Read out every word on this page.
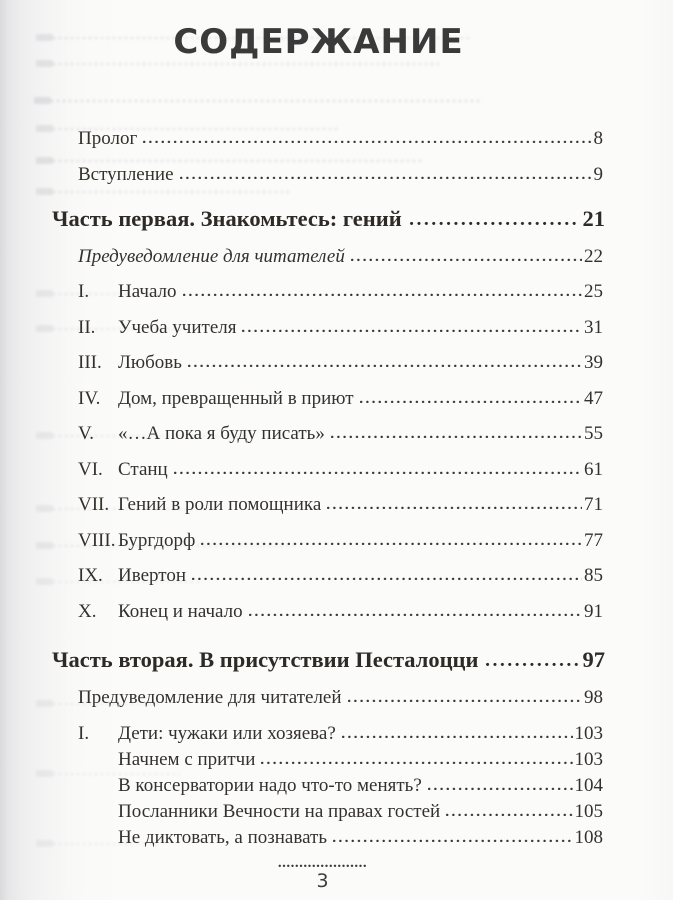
СОДЕРЖАНИЕ
Пролог	8
Вступление	9
Часть первая. Знакомьтесь: гений	21
Предуведомление для читателей	22
I.	Начало	25
II.	Учеба учителя	31
III. Любовь	39
IV. Дом, превращенный в приют	47
V.	«…А пока я буду писать»	55
VI. Станц	61
VII. Гений в роли помощника	71
VIII. Бургдорф	77
IX. Ивертон	85
X.	Конец и начало	91
Часть вторая. В присутствии Песталоцци	97
Предуведомление для читателей	98
I.	Дети: чужаки или хозяева?	103
Начнем с притчи	103
В консерватории надо что-то менять?	104
Посланники Вечности на правах гостей	105
Не диктовать, а познавать	108
.....................
3
